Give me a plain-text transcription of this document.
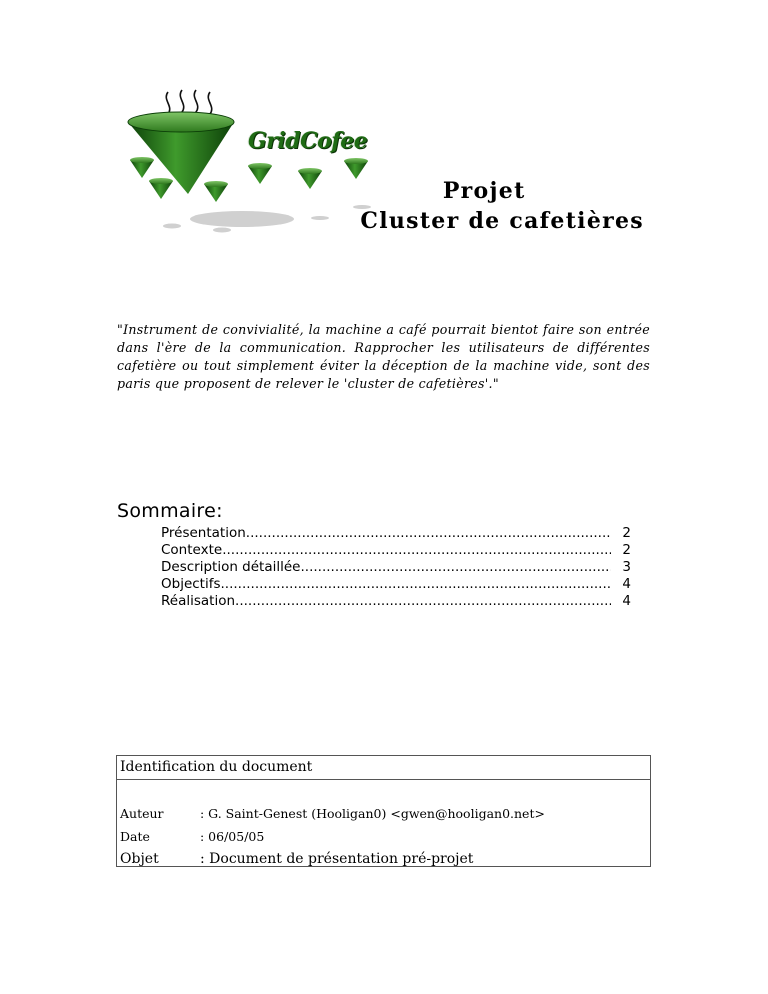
GridCofee
Projet
Cluster de cafetières
"Instrument de convivialité, la machine a café pourrait bientot faire son entrée dans l'ère de la communication. Rapprocher les utilisateurs de différentes cafetière ou tout simplement éviter la déception de la machine vide, sont des paris que proposent de relever le 'cluster de cafetières'."
Sommaire:
Présentation .....	2
Contexte .....	2
Description détaillée .....	3
Objectifs .....	4
Réalisation .....	4
Identification du document
Auteur	: G. Saint-Genest (Hooligan0) <gwen@hooligan0.net>
Date	: 06/05/05
Objet	: Document de présentation pré-projet
